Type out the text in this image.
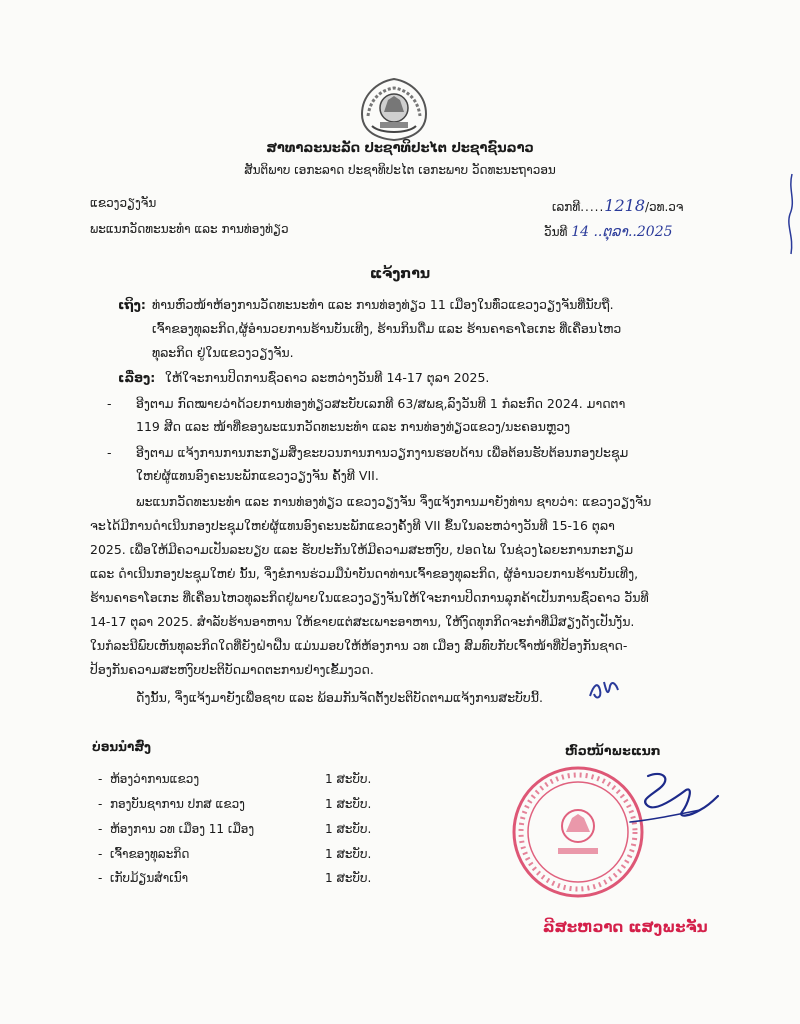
ສາທາລະນະລັດ ປະຊາທິປະໄຕ ປະຊາຊົນລາວ
ສັນຕິພາບ ເອກະລາດ ປະຊາທິປະໄຕ ເອກະພາບ ວັດທະນະຖາວອນ
ແຂວງວຽງຈັນ
ພະແນກວັດທະນະທຳ ແລະ ການທ່ອງທ່ຽວ
ເລກທີ.....1218/ວທ.ວຈ
ວັນທີ 14 ..ຕຸລາ..2025
ແຈ້ງການ
ເຖິງ: ທ່ານຫົວໜ້າຫ້ອງການວັດທະນະທຳ ແລະ ການທ່ອງທ່ຽວ 11 ເມືອງໃນທົ່ວແຂວງວຽງຈັນທີ່ນັບຖື.
ເຈົ້າຂອງທຸລະກິດ,ຜູ້ອຳນວຍການຮ້ານບັນເທີງ, ຮ້ານກິນດື່ມ ແລະ ຮ້ານຄາຣາໂອເກະ ທີ່ເຄື່ອນໄຫວ
ທຸລະກິດ ຢູ່ໃນແຂວງວຽງຈັນ.
ເລື່ອງ: ໃຫ້ໃຈະການປິດການຊົ່ວຄາວ ລະຫວ່າງວັນທີ 14-17 ຕຸລາ 2025.
- ອີງຕາມ ກົດໝາຍວ່າດ້ວຍການທ່ອງທ່ຽວສະບັບເລກທີ 63/ສພຊ,ລົງວັນທີ 1 ກໍລະກົດ 2024. ມາດຕາ
119 ສີດ ແລະ ໜ້າທີ່ຂອງພະແນກວັດທະນະທຳ ແລະ ການທ່ອງທ່ຽວແຂວງ/ນະຄອນຫຼວງ
- ອີງຕາມ ແຈ້ງການການກະກຽມສິ່ງຂະບວນການການວຽກງານຮອບດ້ານ ເພື່ອຕ້ອນຮັບຕ້ອນກອງປະຊຸມ
ໃຫຍ່ຜູ້ແທນອົງຄະນະພັກແຂວງວຽງຈັນ ຄັ້ງທີ VII.
ພະແນກວັດທະນະທຳ ແລະ ການທ່ອງທ່ຽວ ແຂວງວຽງຈັນ ຈຶ່ງແຈ້ງການມາຍັງທ່ານ ຊາບວ່າ: ແຂວງວຽງຈັນ
ຈະໄດ້ມີການດຳເນີນກອງປະຊຸມໃຫຍ່ຜູ້ແທນອົງຄະນະພັກແຂວງຄັ້ງທີ VII ຂຶ້ນໃນລະຫວ່າງວັນທີ 15-16 ຕຸລາ
2025. ເພື່ອໃຫ້ມີຄວາມເປັນລະບຽບ ແລະ ຮັບປະກັນໃຫ້ມີຄວາມສະຫງົບ, ປອດໄພ ໃນຊ່ວງໄລຍະການກະກຽມ
ແລະ ດຳເນີນກອງປະຊຸມໃຫຍ່ ນັ້ນ, ຈຶ່ງຂໍການຮ່ວມມືນຳບັນດາທ່ານເຈົ້າຂອງທຸລະກິດ, ຜູ້ອຳນວຍການຮ້ານບັນເທີງ,
ຮ້ານຄາຣາໂອເກະ ທີ່ເຄື່ອນໄຫວທຸລະກິດຢູ່ພາຍໃນແຂວງວຽງຈັນໃຫ້ໃຈະການປິດການລຸກຄ້າເປັນການຊົ່ວຄາວ ວັນທີ
14-17 ຕຸລາ 2025. ສຳລັບຮ້ານອາຫານ ໃຫ້ຂາຍແຕ່ສະເພາະອາຫານ, ໃຫ້ງົດທຸກກິດຈະກຳທີ່ມີສຽງດັງເປັນງັນ.
ໃນກໍລະນີພົບເຫັນທຸລະກິດໃດທີ່ຍັງຝ່າຝືນ ແມ່ນມອບໃຫ້ຫ້ອງການ ວທ ເມືອງ ສົມທົບກັບເຈົ້າໜ້າທີ່ປ້ອງກັນຊາດ-
ປ້ອງກັນຄວາມສະຫງົບປະຕິບັດມາດຕະການຢ່າງເຂັ້ມງວດ.
ດັ່ງນັ້ນ, ຈຶ່ງແຈ້ງມາຍັງເພື່ອຊາບ ແລະ ພ້ອມກັນຈັດຕັ້ງປະຕິບັດຕາມແຈ້ງການສະບັບນີ້.
ບ່ອນນຳສົ່ງ
-  ຫ້ອງວ່າການແຂວງ	1 ສະບັບ.
-  ກອງບັນຊາການ ປກສ ແຂວງ	1 ສະບັບ.
-  ຫ້ອງການ ວທ ເມືອງ 11 ເມືອງ	1 ສະບັບ.
-  ເຈົ້າຂອງທຸລະກິດ	1 ສະບັບ.
-  ເກັບມ້ຽນສຳເນົາ	1 ສະບັບ.
ຫົວໜ້າພະແນກ
ລີສະຫວາດ ແສງພະຈັນ
